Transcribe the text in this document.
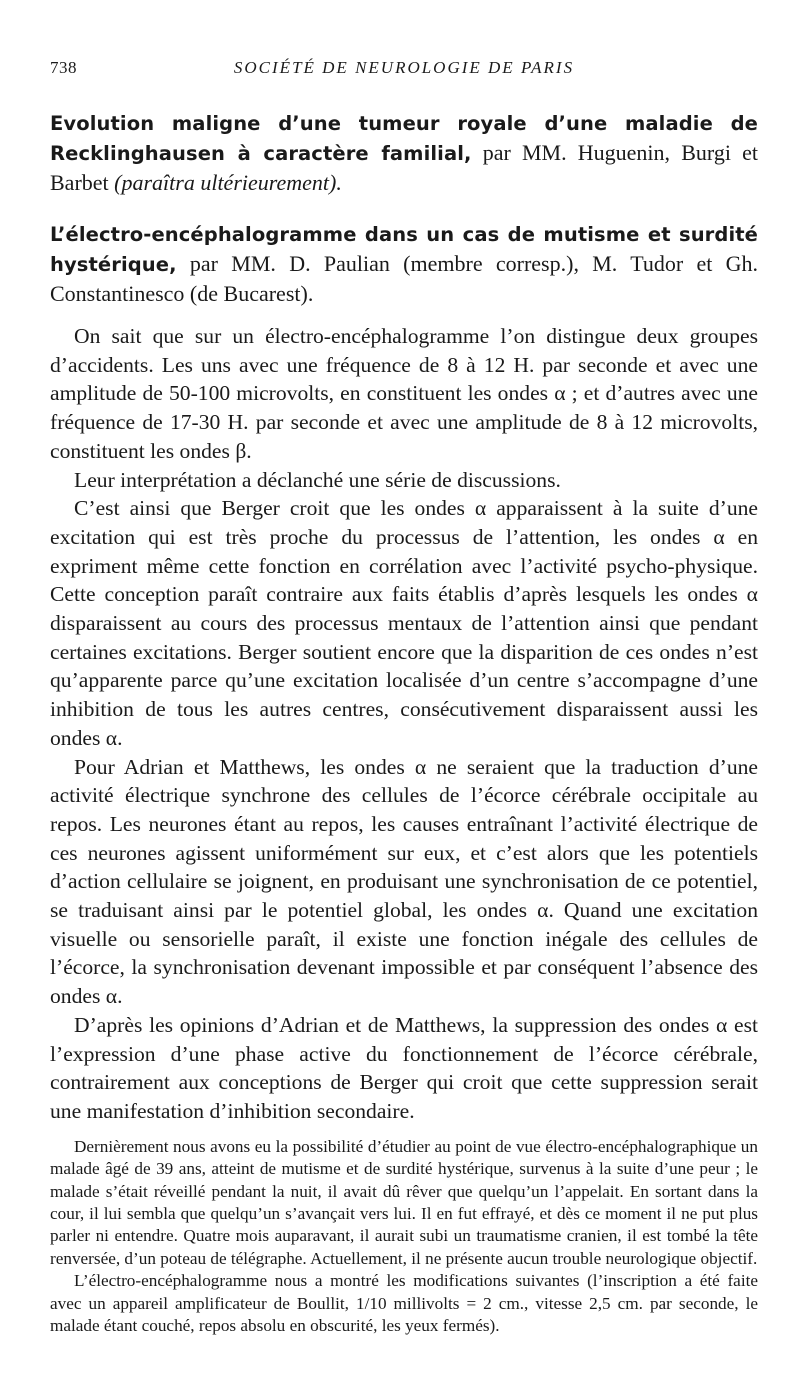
738	SOCIÉTÉ DE NEUROLOGIE DE PARIS
Evolution maligne d’une tumeur royale d’une maladie de Recklinghausen à caractère familial, par MM. Huguenin, Burgi et Barbet (paraîtra ultérieurement).
L’électro-encéphalogramme dans un cas de mutisme et surdité hystérique, par MM. D. Paulian (membre corresp.), M. Tudor et Gh. Constantinesco (de Bucarest).

On sait que sur un électro-encéphalogramme l’on distingue deux groupes d’accidents. Les uns avec une fréquence de 8 à 12 H. par seconde et avec une amplitude de 50-100 microvolts, en constituent les ondes α ; et d’autres avec une fréquence de 17-30 H. par seconde et avec une amplitude de 8 à 12 microvolts, constituent les ondes β.

Leur interprétation a déclanché une série de discussions.

C’est ainsi que Berger croit que les ondes α apparaissent à la suite d’une excitation qui est très proche du processus de l’attention, les ondes α en expriment même cette fonction en corrélation avec l’activité psycho-physique. Cette conception paraît contraire aux faits établis d’après lesquels les ondes α disparaissent au cours des processus mentaux de l’attention ainsi que pendant certaines excitations. Berger soutient encore que la disparition de ces ondes n’est qu’apparente parce qu’une excitation localisée d’un centre s’accompagne d’une inhibition de tous les autres centres, consécutivement disparaissent aussi les ondes α.

Pour Adrian et Matthews, les ondes α ne seraient que la traduction d’une activité électrique synchrone des cellules de l’écorce cérébrale occipitale au repos. Les neurones étant au repos, les causes entraînant l’activité électrique de ces neurones agissent uniformément sur eux, et c’est alors que les potentiels d’action cellulaire se joignent, en produisant une synchronisation de ce potentiel, se traduisant ainsi par le potentiel global, les ondes α. Quand une excitation visuelle ou sensorielle paraît, il existe une fonction inégale des cellules de l’écorce, la synchronisation devenant impossible et par conséquent l’absence des ondes α.

D’après les opinions d’Adrian et de Matthews, la suppression des ondes α est l’expression d’une phase active du fonctionnement de l’écorce cérébrale, contrairement aux conceptions de Berger qui croit que cette suppression serait une manifestation d’inhibition secondaire.

Dernièrement nous avons eu la possibilité d’étudier au point de vue électro-encéphalographique un malade âgé de 39 ans, atteint de mutisme et de surdité hystérique, survenus à la suite d’une peur ; le malade s’était réveillé pendant la nuit, il avait dû rêver que quelqu’un l’appelait. En sortant dans la cour, il lui sembla que quelqu’un s’avançait vers lui. Il en fut effrayé, et dès ce moment il ne put plus parler ni entendre. Quatre mois auparavant, il aurait subi un traumatisme cranien, il est tombé la tête renversée, d’un poteau de télégraphe. Actuellement, il ne présente aucun trouble neurologique objectif.

L’électro-encéphalogramme nous a montré les modifications suivantes (l’inscription a été faite avec un appareil amplificateur de Boullit, 1/10 millivolts = 2 cm., vitesse 2,5 cm. par seconde, le malade étant couché, repos absolu en obscurité, les yeux fermés).
